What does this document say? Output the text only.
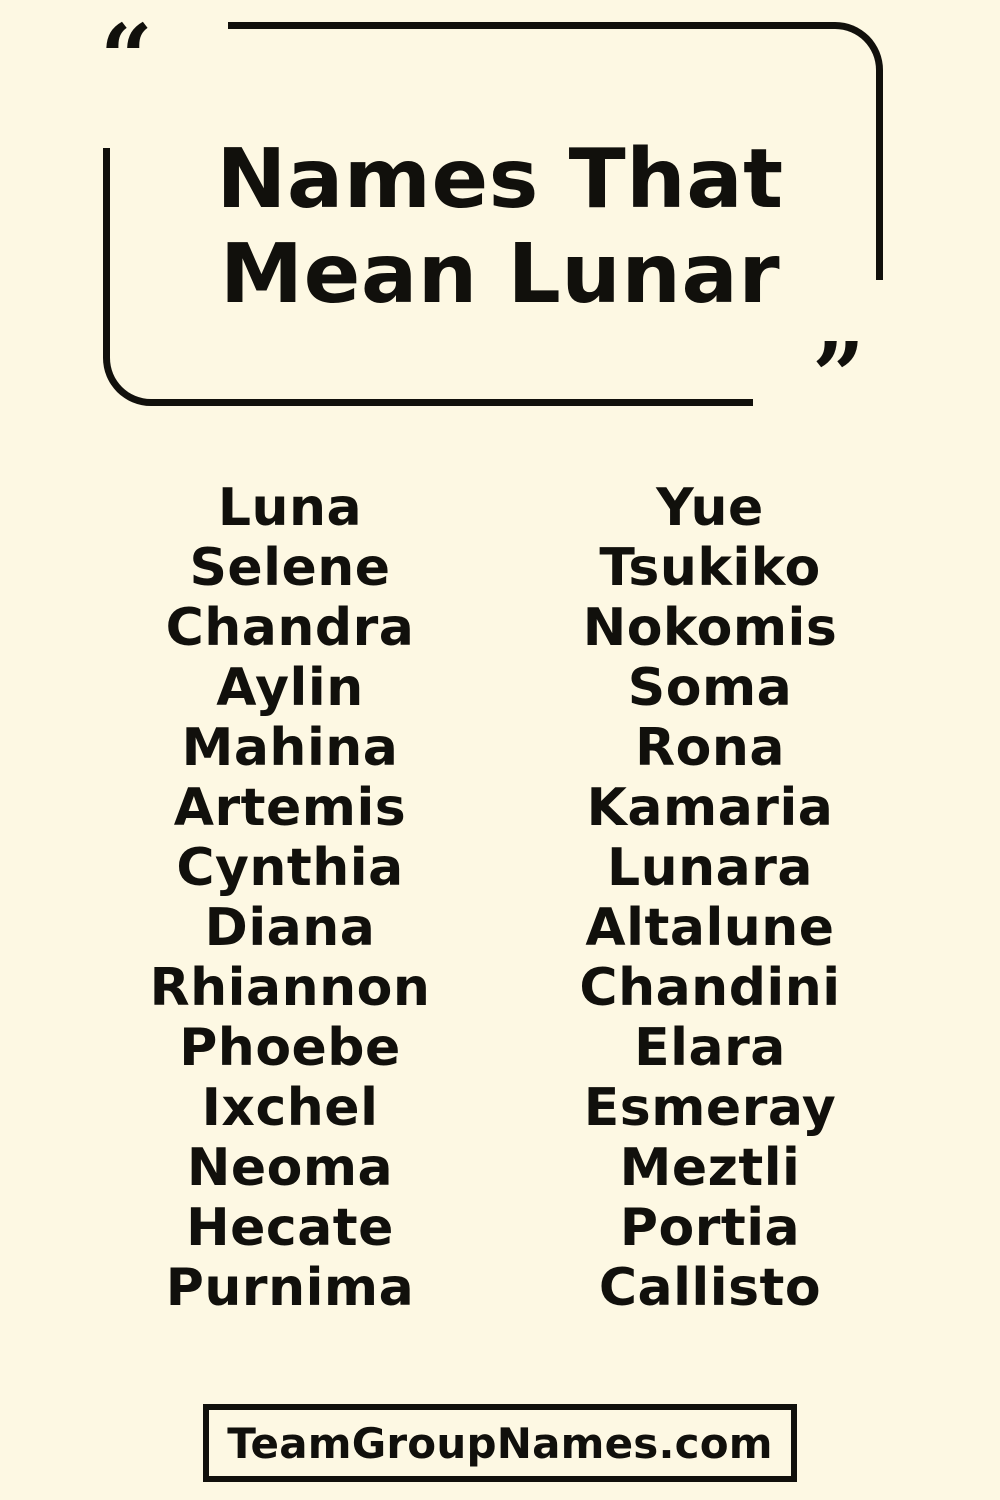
“
”
Names That
Mean Lunar
Luna
Selene
Chandra
Aylin
Mahina
Artemis
Cynthia
Diana
Rhiannon
Phoebe
Ixchel
Neoma
Hecate
Purnima
Yue
Tsukiko
Nokomis
Soma
Rona
Kamaria
Lunara
Altalune
Chandini
Elara
Esmeray
Meztli
Portia
Callisto
TeamGroupNames.com
